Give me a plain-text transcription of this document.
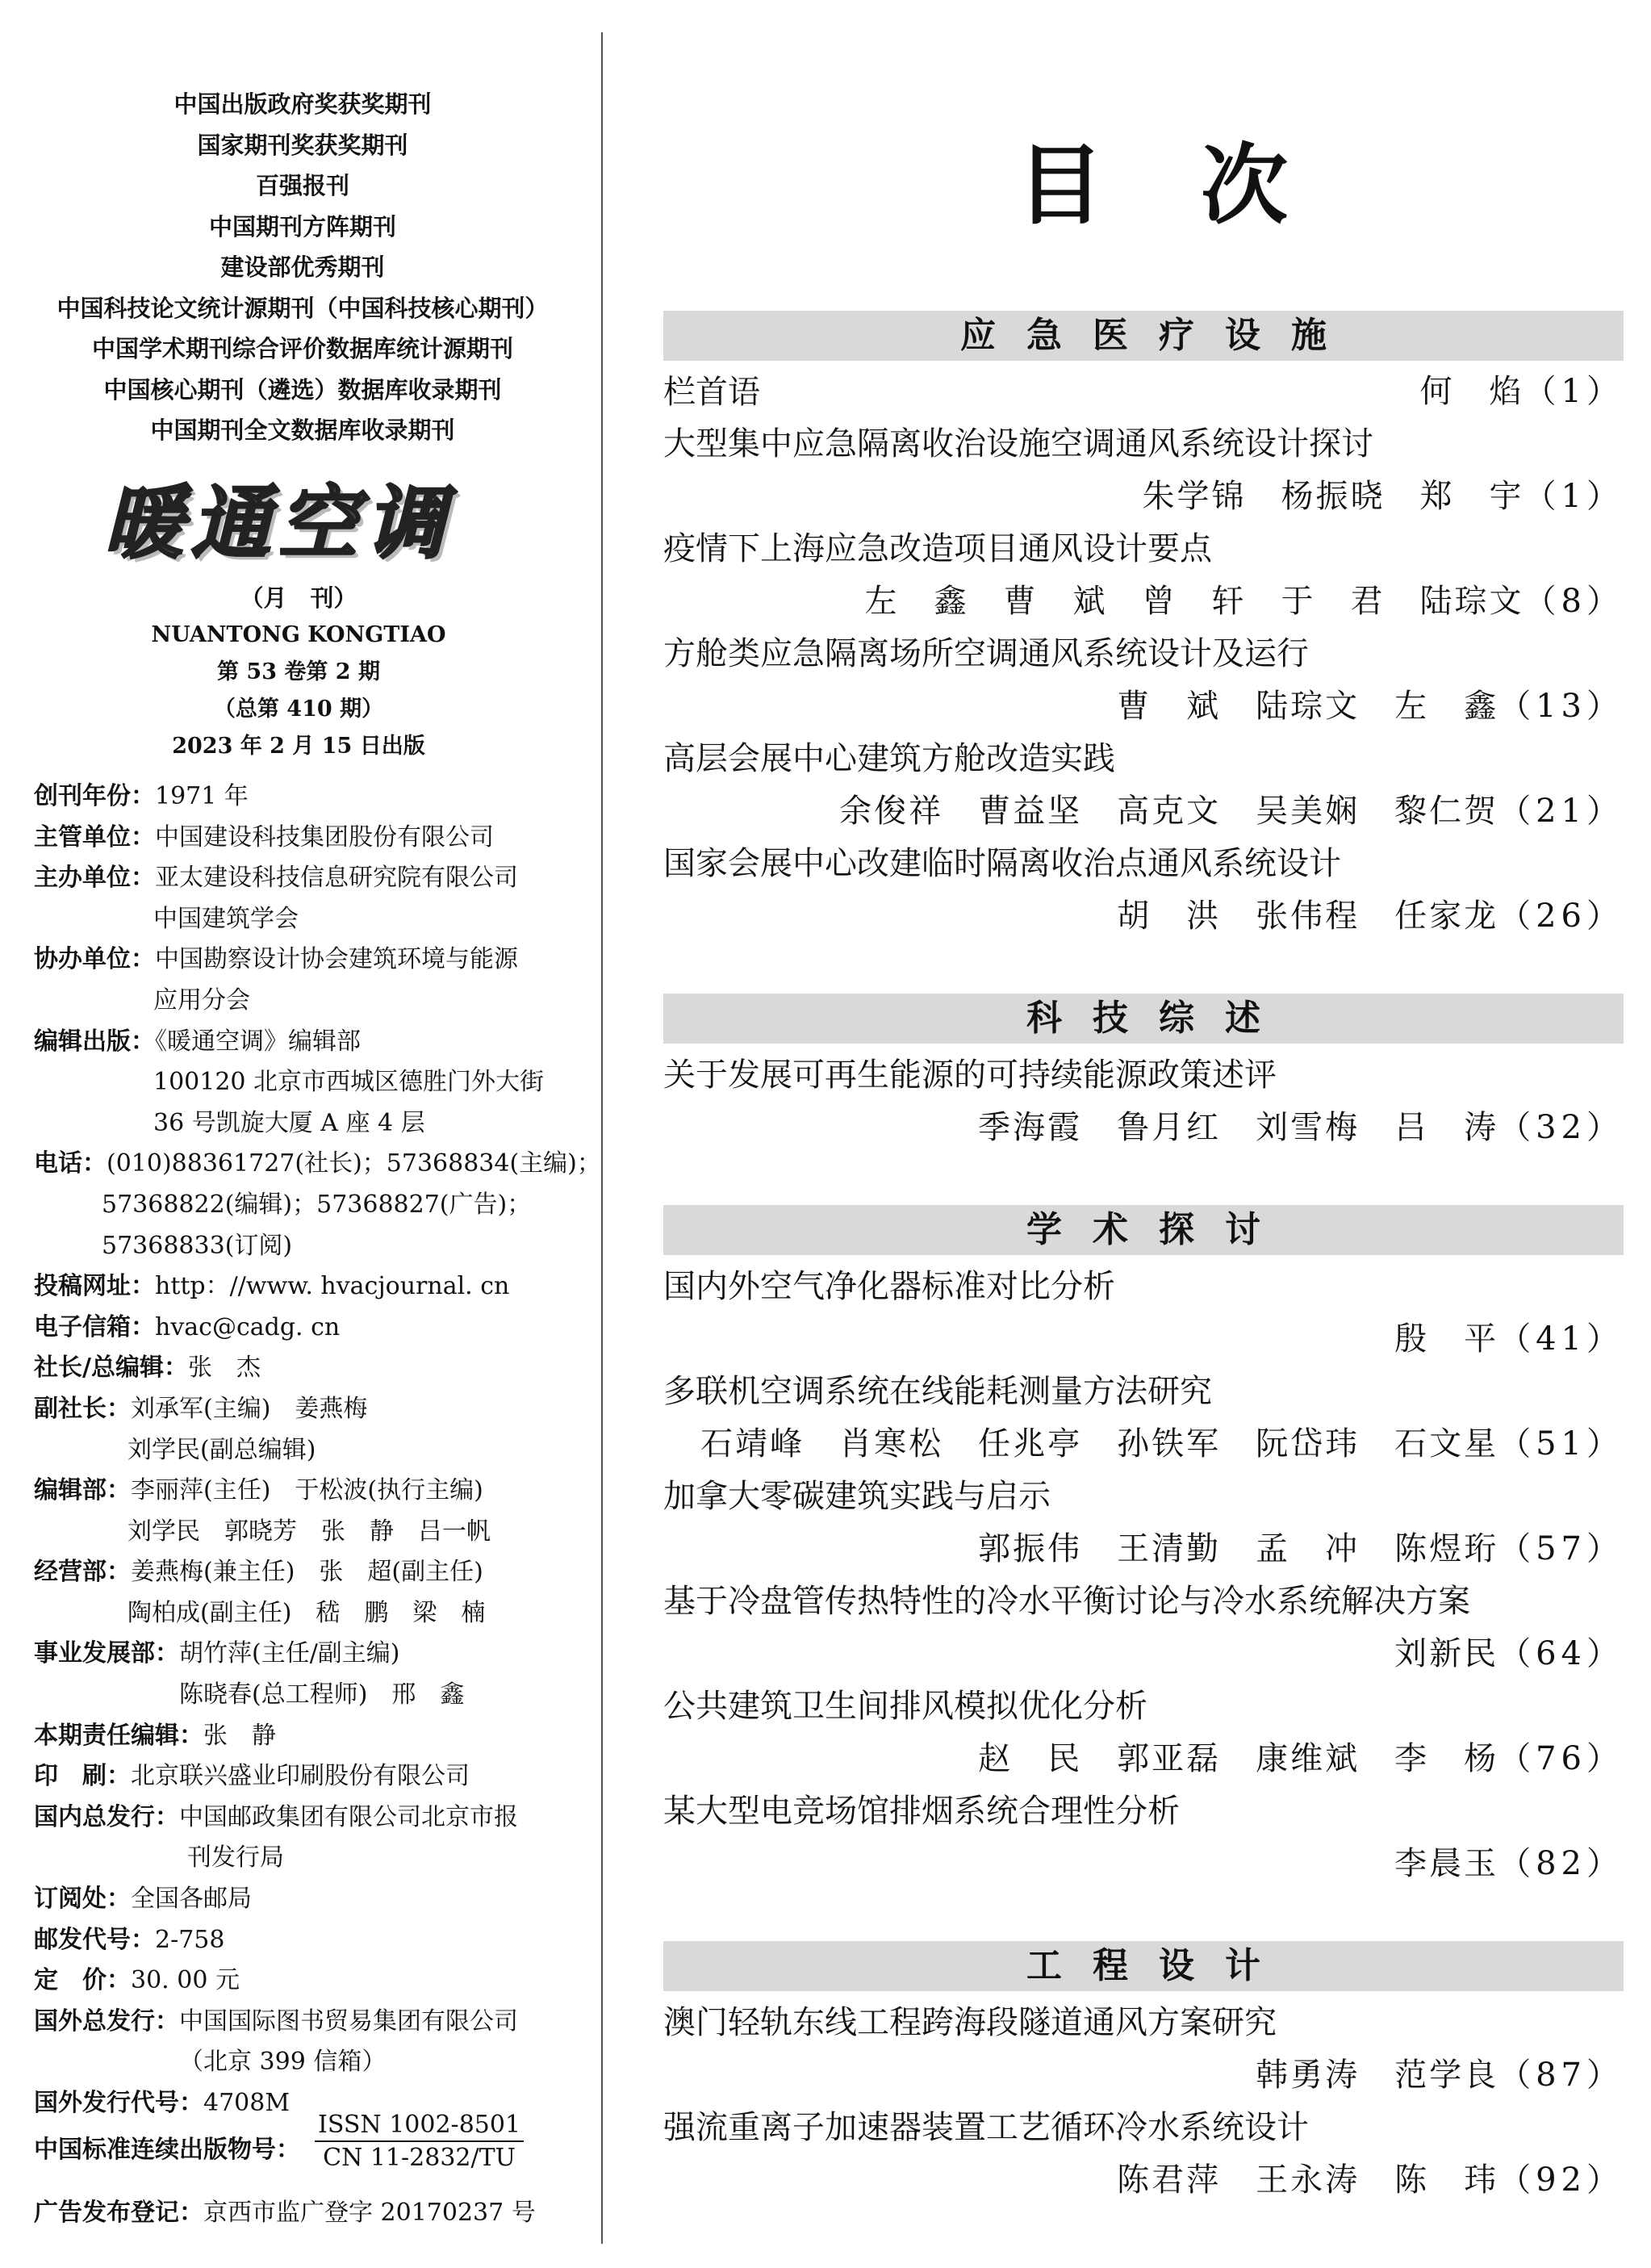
中国出版政府奖获奖期刊
国家期刊奖获奖期刊
百强报刊
中国期刊方阵期刊
建设部优秀期刊
中国科技论文统计源期刊（中国科技核心期刊）
中国学术期刊综合评价数据库统计源期刊
中国核心期刊（遴选）数据库收录期刊
中国期刊全文数据库收录期刊
暖通空调
（月　刊）
NUANTONG KONGTIAO
第 53 卷第 2 期
（总第 410 期）
2023 年 2 月 15 日出版
创刊年份：1971 年
主管单位：中国建设科技集团股份有限公司
主办单位：亚太建设科技信息研究院有限公司
中国建筑学会
协办单位：中国勘察设计协会建筑环境与能源
应用分会
编辑出版：《暖通空调》编辑部
100120 北京市西城区德胜门外大街
36 号凯旋大厦 A 座 4 层
电话：(010)88361727(社长)；57368834(主编)；
57368822(编辑)；57368827(广告)；
57368833(订阅)
投稿网址：http：//www. hvacjournal. cn
电子信箱：hvac@cadg. cn
社长/总编辑：张　杰
副社长：刘承军(主编)　姜燕梅
刘学民(副总编辑)
编辑部：李丽萍(主任)　于松波(执行主编)
刘学民　郭晓芳　张　静　吕一帆
经营部：姜燕梅(兼主任)　张　超(副主任)
陶柏成(副主任)　嵇　鹏　梁　楠
事业发展部：胡竹萍(主任/副主编)
陈晓春(总工程师)　邢　鑫
本期责任编辑：张　静
印　刷：北京联兴盛业印刷股份有限公司
国内总发行：中国邮政集团有限公司北京市报
刊发行局
订阅处：全国各邮局
邮发代号：2-758
定　价：30. 00 元
国外总发行：中国国际图书贸易集团有限公司
（北京 399 信箱）
国外发行代号：4708M
中国标准连续出版物号：
ISSN 1002-8501
CN 11-2832/TU
广告发布登记：京西市监广登字 20170237 号
目次
应急医疗设施
栏首语	何　焰（1）
大型集中应急隔离收治设施空调通风系统设计探讨
朱学锦　杨振晓　郑　宇（1）
疫情下上海应急改造项目通风设计要点
左　鑫　曹　斌　曾　轩　于　君　陆琮文（8）
方舱类应急隔离场所空调通风系统设计及运行
曹　斌　陆琮文　左　鑫（13）
高层会展中心建筑方舱改造实践
余俊祥　曹益坚　高克文　吴美娴　黎仁贺（21）
国家会展中心改建临时隔离收治点通风系统设计
胡　洪　张伟程　任家龙（26）
科技综述
关于发展可再生能源的可持续能源政策述评
季海霞　鲁月红　刘雪梅　吕　涛（32）
学术探讨
国内外空气净化器标准对比分析
殷　平（41）
多联机空调系统在线能耗测量方法研究
石靖峰　肖寒松　任兆亭　孙铁军　阮岱玮　石文星（51）
加拿大零碳建筑实践与启示
郭振伟　王清勤　孟　冲　陈煜珩（57）
基于冷盘管传热特性的冷水平衡讨论与冷水系统解决方案
刘新民（64）
公共建筑卫生间排风模拟优化分析
赵　民　郭亚磊　康维斌　李　杨（76）
某大型电竞场馆排烟系统合理性分析
李晨玉（82）
工程设计
澳门轻轨东线工程跨海段隧道通风方案研究
韩勇涛　范学良（87）
强流重离子加速器装置工艺循环冷水系统设计
陈君萍　王永涛　陈　玮（92）
